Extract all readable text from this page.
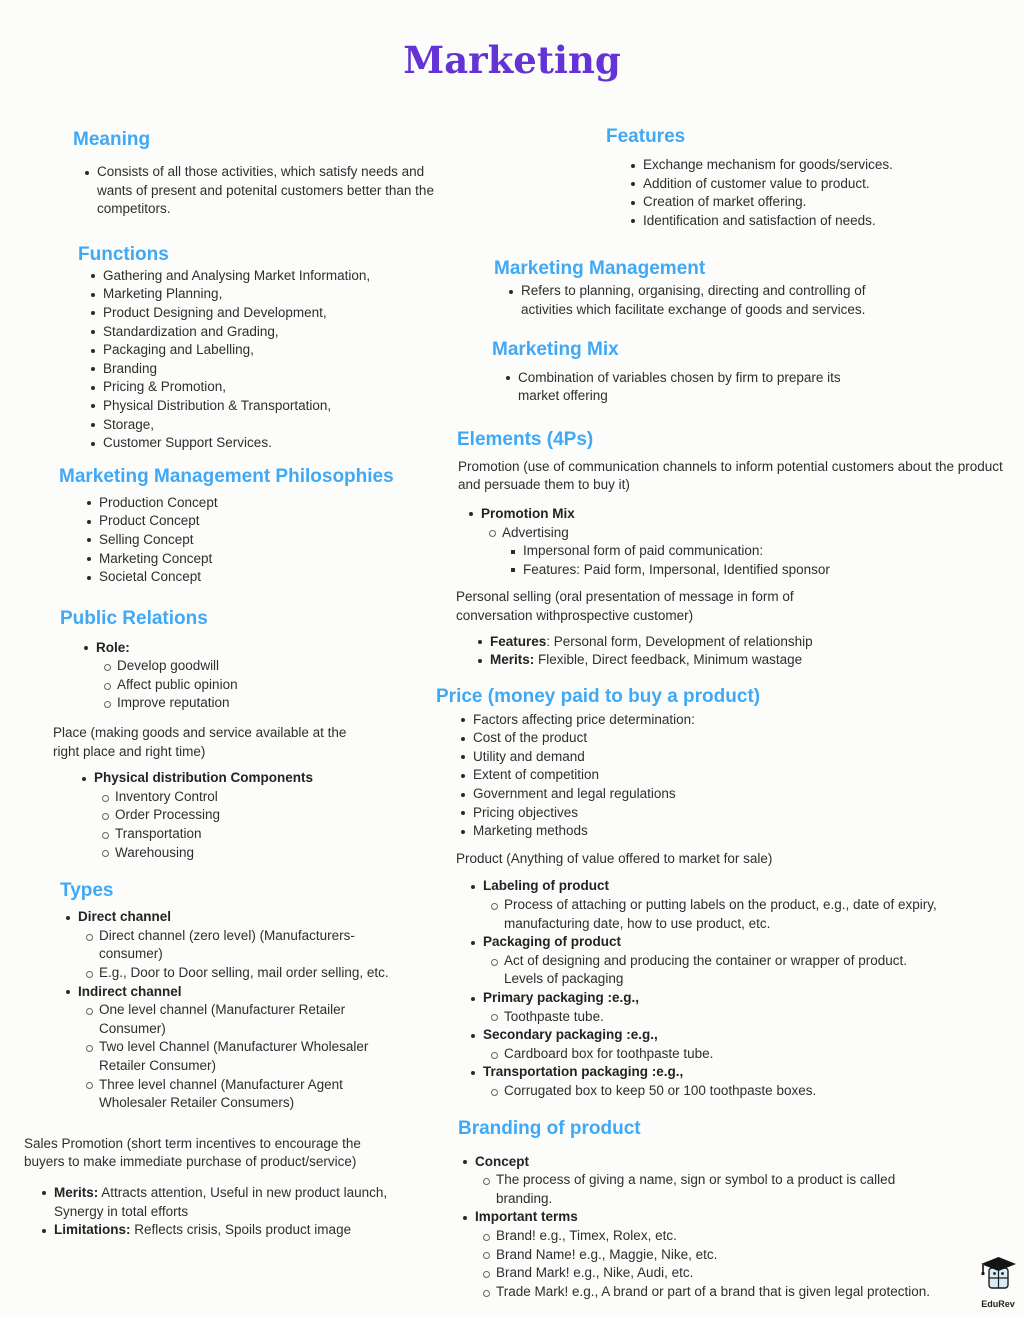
Marketing
Meaning
Consists of all those activities, which satisfy needs and wants of present and potenital customers better than the competitors.
Functions
Gathering and Analysing Market Information,
Marketing Planning,
Product Designing and Development,
Standardization and Grading,
Packaging and Labelling,
Branding
Pricing & Promotion,
Physical Distribution & Transportation,
Storage,
Customer Support Services.
Marketing Management Philosophies
Production Concept
Product Concept
Selling Concept
Marketing Concept
Societal Concept
Public Relations
Role:
Develop goodwill
Affect public opinion
Improve reputation

Place (making goods and service available at the right place and right time)

Physical distribution Components
Inventory Control
Order Processing
Transportation
Warehousing
Types
Direct channel
Direct channel (zero level) (Manufacturers-consumer)
E.g., Door to Door selling, mail order selling, etc.
Indirect channel
One level channel (Manufacturer Retailer Consumer)
Two level Channel (Manufacturer Wholesaler Retailer Consumer)
Three level channel (Manufacturer Agent Wholesaler Retailer Consumers)

Sales Promotion (short term incentives to encourage the buyers to make immediate purchase of product/service)

Merits: Attracts attention, Useful in new product launch, Synergy in total efforts
Limitations: Reflects crisis, Spoils product image
Features
Exchange mechanism for goods/services.
Addition of customer value to product.
Creation of market offering.
Identification and satisfaction of needs.
Marketing Management
Refers to planning, organising, directing and controlling of activities which facilitate exchange of goods and services.
Marketing Mix
Combination of variables chosen by firm to prepare its market offering
Elements (4Ps)

Promotion (use of communication channels to inform potential customers about the product and persuade them to buy it)

Promotion Mix
Advertising
Impersonal form of paid communication:
Features: Paid form, Impersonal, Identified sponsor

Personal selling (oral presentation of message in form of conversation withprospective customer)

Features: Personal form, Development of relationship
Merits: Flexible, Direct feedback, Minimum wastage
Price (money paid to buy a product)
Factors affecting price determination:
Cost of the product
Utility and demand
Extent of competition
Government and legal regulations
Pricing objectives
Marketing methods

Product (Anything of value offered to market for sale)

Labeling of product
Process of attaching or putting labels on the product, e.g., date of expiry, manufacturing date, how to use product, etc.
Packaging of product
Act of designing and producing the container or wrapper of product.
Levels of packaging
Primary packaging :e.g.,
Toothpaste tube.
Secondary packaging :e.g.,
Cardboard box for toothpaste tube.
Transportation packaging :e.g.,
Corrugated box to keep 50 or 100 toothpaste boxes.
Branding of product
Concept
The process of giving a name, sign or symbol to a product is called branding.
Important terms
Brand! e.g., Timex, Rolex, etc.
Brand Name! e.g., Maggie, Nike, etc.
Brand Mark! e.g., Nike, Audi, etc.
Trade Mark! e.g., A brand or part of a brand that is given legal protection.
EduRev
